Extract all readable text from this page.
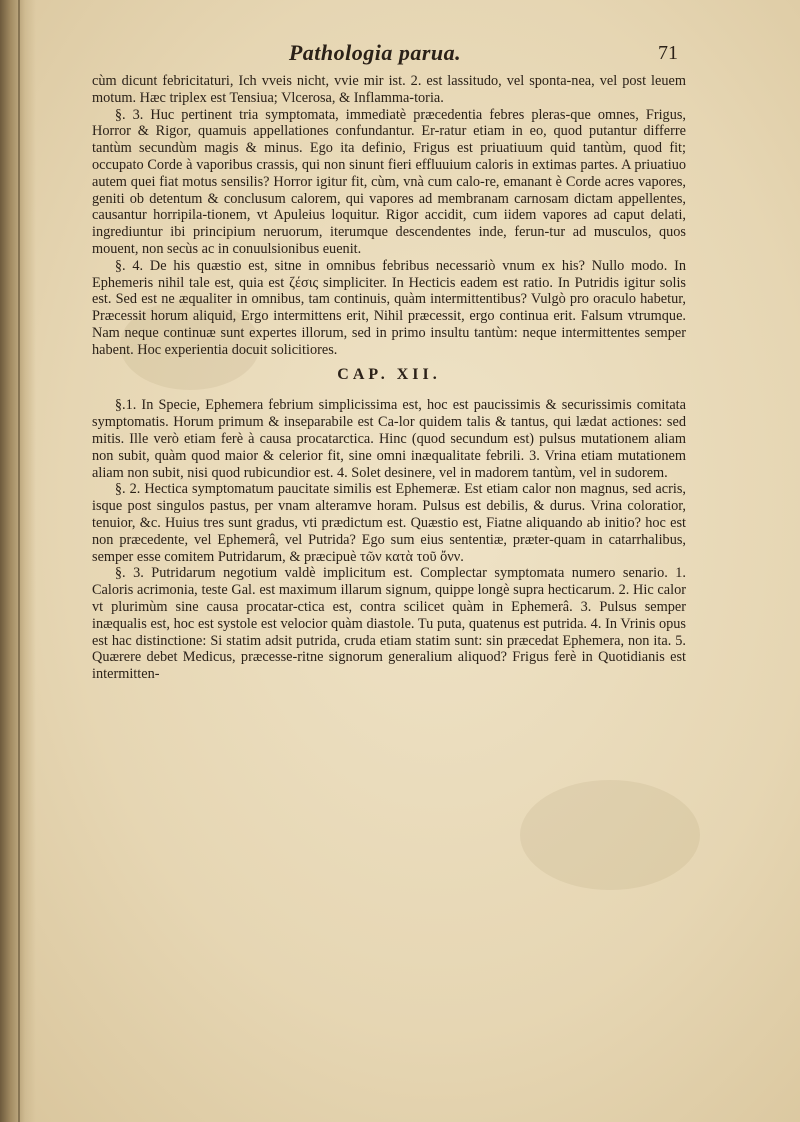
Pathologia parua.	71

cùm dicunt febricitaturi, Ich vveis nicht, vvie mir ist. 2. est lassitudo, vel sponta-nea, vel post leuem motum. Hæc triplex est Tensiua; Vlcerosa, & Inflamma-toria.

§. 3. Huc pertinent tria symptomata, immediatè præcedentia febres pleras-que omnes, Frigus, Horror & Rigor, quamuis appellationes confundantur. Er-ratur etiam in eo, quod putantur differre tantùm secundùm magis & minus. Ego ita definio, Frigus est priuatiuum quid tantùm, quod fit; occupato Corde à vaporibus crassis, qui non sinunt fieri effluuium caloris in extimas partes. A priuatiuo autem quei fiat motus sensilis? Horror igitur fit, cùm, vnà cum calo-re, emanant è Corde acres vapores, geniti ob detentum & conclusum calorem, qui vapores ad membranam carnosam dictam appellentes, causantur horripila-tionem, vt Apuleius loquitur. Rigor accidit, cum iidem vapores ad caput delati, ingrediuntur ibi principium neruorum, iterumque descendentes inde, ferun-tur ad musculos, quos mouent, non secùs ac in conuulsionibus euenit.

§. 4. De his quæstio est, sitne in omnibus febribus necessariò vnum ex his? Nullo modo. In Ephemeris nihil tale est, quia est ζέσις simpliciter. In Hecticis eadem est ratio. In Putridis igitur solis est. Sed est ne æqualiter in omnibus, tam continuis, quàm intermittentibus? Vulgò pro oraculo habetur, Præcessit horum aliquid, Ergo intermittens erit, Nihil præcessit, ergo continua erit. Falsum vtrumque. Nam neque continuæ sunt expertes illorum, sed in primo insultu tantùm: neque intermittentes semper habent. Hoc experientia docuit solicitiores.

CAP. XII.

§.1. In Specie, Ephemera febrium simplicissima est, hoc est paucissimis & securissimis comitata symptomatis. Horum primum & inseparabile est Ca-lor quidem talis & tantus, qui lædat actiones: sed mitis. Ille verò etiam ferè à causa procatarctica. Hinc (quod secundum est) pulsus mutationem aliam non subit, quàm quod maior & celerior fit, sine omni inæqualitate febrili. 3. Vrina etiam mutationem aliam non subit, nisi quod rubicundior est. 4. Solet desinere, vel in madorem tantùm, vel in sudorem.

§. 2. Hectica symptomatum paucitate similis est Ephemeræ. Est etiam calor non magnus, sed acris, isque post singulos pastus, per vnam alteramve horam. Pulsus est debilis, & durus. Vrina coloratior, tenuior, &c. Huius tres sunt gradus, vti prædictum est. Quæstio est, Fiatne aliquando ab initio? hoc est non præcedente, vel Ephemerâ, vel Putrida? Ego sum eius sententiæ, præter-quam in catarrhalibus, semper esse comitem Putridarum, & præcipuè τῶν κατὰ τοῦ ὄνν.

§. 3. Putridarum negotium valdè implicitum est. Complectar symptomata numero senario. 1. Caloris acrimonia, teste Gal. est maximum illarum signum, quippe longè supra hecticarum. 2. Hic calor vt plurimùm sine causa procatar-ctica est, contra scilicet quàm in Ephemerâ. 3. Pulsus semper inæqualis est, hoc est systole est velocior quàm diastole. Tu puta, quatenus est putrida. 4. In Vrinis opus est hac distinctione: Si statim adsit putrida, cruda etiam statim sunt: sin præcedat Ephemera, non ita. 5. Quærere debet Medicus, præcesse-ritne signorum generalium aliquod? Frigus ferè in Quotidianis est intermitten-
